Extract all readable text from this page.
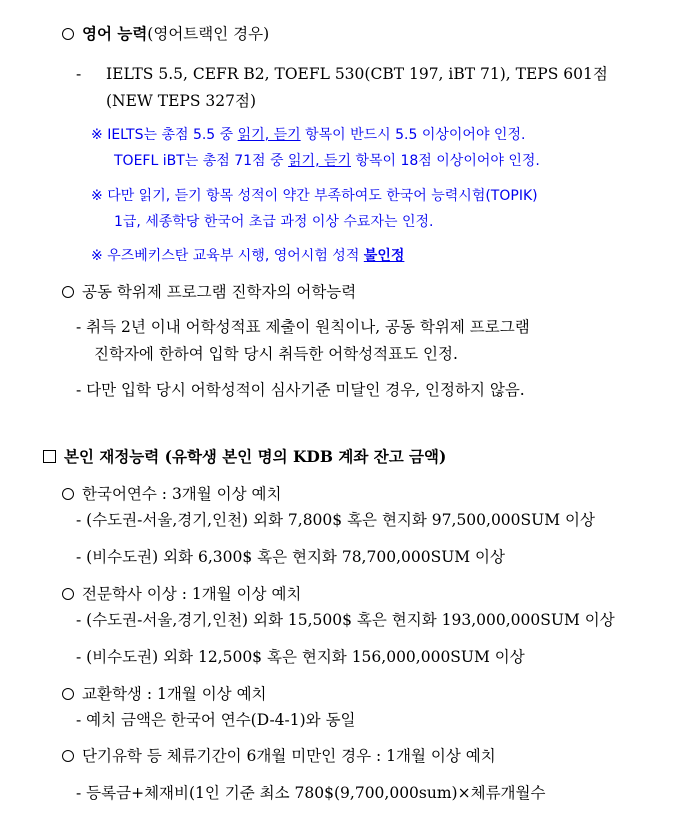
영어 능력(영어트랙인 경우)
- IELTS 5.5, CEFR B2, TOEFL 530(CBT 197, iBT 71), TEPS 601점
(NEW TEPS 327점)
※ IELTS는 총점 5.5 중 읽기, 듣기 항목이 반드시 5.5 이상이어야 인정.
TOEFL iBT는 총점 71점 중 읽기, 듣기 항목이 18점 이상이어야 인정.
※ 다만 읽기, 듣기 항목 성적이 약간 부족하여도 한국어 능력시험(TOPIK)
1급, 세종학당 한국어 초급 과정 이상 수료자는 인정.
※ 우즈베키스탄 교육부 시행, 영어시험 성적 불인정
공동 학위제 프로그램 진학자의 어학능력
- 취득 2년 이내 어학성적표 제출이 원칙이나, 공동 학위제 프로그램
진학자에 한하여 입학 당시 취득한 어학성적표도 인정.
- 다만 입학 당시 어학성적이 심사기준 미달인 경우, 인정하지 않음.
본인 재정능력 (유학생 본인 명의 KDB 계좌 잔고 금액)
한국어연수 : 3개월 이상 예치
- (수도권-서울,경기,인천) 외화 7,800$ 혹은 현지화 97,500,000SUM 이상
- (비수도권) 외화 6,300$ 혹은 현지화 78,700,000SUM 이상
전문학사 이상 : 1개월 이상 예치
- (수도권-서울,경기,인천) 외화 15,500$ 혹은 현지화 193,000,000SUM 이상
- (비수도권) 외화 12,500$ 혹은 현지화 156,000,000SUM 이상
교환학생 : 1개월 이상 예치
- 예치 금액은 한국어 연수(D-4-1)와 동일
단기유학 등 체류기간이 6개월 미만인 경우 : 1개월 이상 예치
- 등록금+체재비(1인 기준 최소 780$(9,700,000sum)×체류개월수
